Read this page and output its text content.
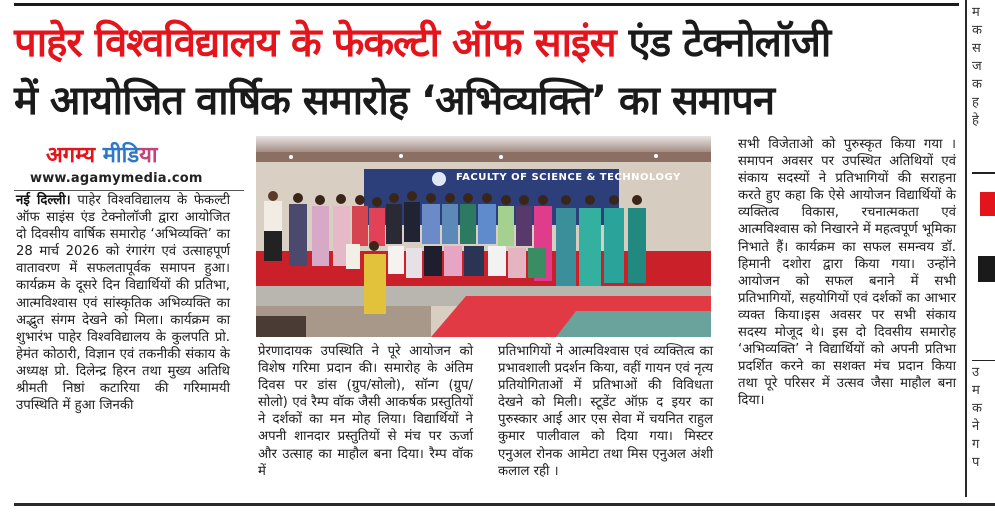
पाहेर विश्वविद्यालय के फेकल्टी ऑफ साइंस एंड टेक्नोलॉजी
में आयोजित वार्षिक समारोह ‘अभिव्यक्ति’ का समापन
अगम्य मीडिया
www.agamymedia.com
नई दिल्ली। पाहेर विश्वविद्यालय के फेकल्टी ऑफ साइंस एंड टेक्नोलॉजी द्वारा आयोजित दो दिवसीय वार्षिक समारोह ‘अभिव्यक्ति’ का 28 मार्च 2026 को रंगारंग एवं उत्साहपूर्ण वातावरण में सफलतापूर्वक समापन हुआ। कार्यक्रम के दूसरे दिन विद्यार्थियों की प्रतिभा, आत्मविश्वास एवं सांस्कृतिक अभिव्यक्ति का अद्भुत संगम देखने को मिला। कार्यक्रम का शुभारंभ पाहेर विश्वविद्यालय के कुलपति प्रो. हेमंत कोठारी, विज्ञान एवं तकनीकी संकाय के अध्यक्ष प्रो. दिलेन्द्र हिरन तथा मुख्य अतिथि श्रीमती निष्ठां कटारिया की गरिमामयी उपस्थिति में हुआ जिनकी
FACULTY OF SCIENCE & TECHNOLOGY
प्रेरणादायक उपस्थिति ने पूरे आयोजन को विशेष गरिमा प्रदान की। समारोह के अंतिम दिवस पर डांस (ग्रुप/सोलो), सॉन्ग (ग्रुप/सोलो) एवं रैम्प वॉक जैसी आकर्षक प्रस्तुतियों ने दर्शकों का मन मोह लिया। विद्यार्थियों ने अपनी शानदार प्रस्तुतियों से मंच पर ऊर्जा और उत्साह का माहौल बना दिया। रैम्प वॉक में
प्रतिभागियों ने आत्मविश्वास एवं व्यक्तित्व का प्रभावशाली प्रदर्शन किया, वहीं गायन एवं नृत्य प्रतियोगिताओं में प्रतिभाओं की विविधता देखने को मिली। स्टूडेंट ऑफ़ द इयर का पुरुस्कार आई आर एस सेवा में चयनित राहुल कुमार पालीवाल को दिया गया। मिस्टर एनुअल रोनक आमेटा तथा मिस एनुअल अंशी कलाल रही ।
सभी विजेताओ को पुरुस्कृत किया गया । समापन अवसर पर उपस्थित अतिथियों एवं संकाय सदस्यों ने प्रतिभागियों की सराहना करते हुए कहा कि ऐसे आयोजन विद्यार्थियों के व्यक्तित्व विकास, रचनात्मकता एवं आत्मविश्वास को निखारने में महत्वपूर्ण भूमिका निभाते हैं। कार्यक्रम का सफल समन्वय डॉ. हिमानी दशोरा द्वारा किया गया। उन्होंने आयोजन को सफल बनाने में सभी प्रतिभागियों, सहयोगियों एवं दर्शकों का आभार व्यक्त किया।इस अवसर पर सभी संकाय सदस्य मोजूद थे। इस दो दिवसीय समारोह ‘अभिव्यक्ति’ ने विद्यार्थियों को अपनी प्रतिभा प्रदर्शित करने का सशक्त मंच प्रदान किया तथा पूरे परिसर में उत्सव जैसा माहौल बना दिया।
म
क
स
ज
क
ह
हे
उ
म
क
ने
ग
प
